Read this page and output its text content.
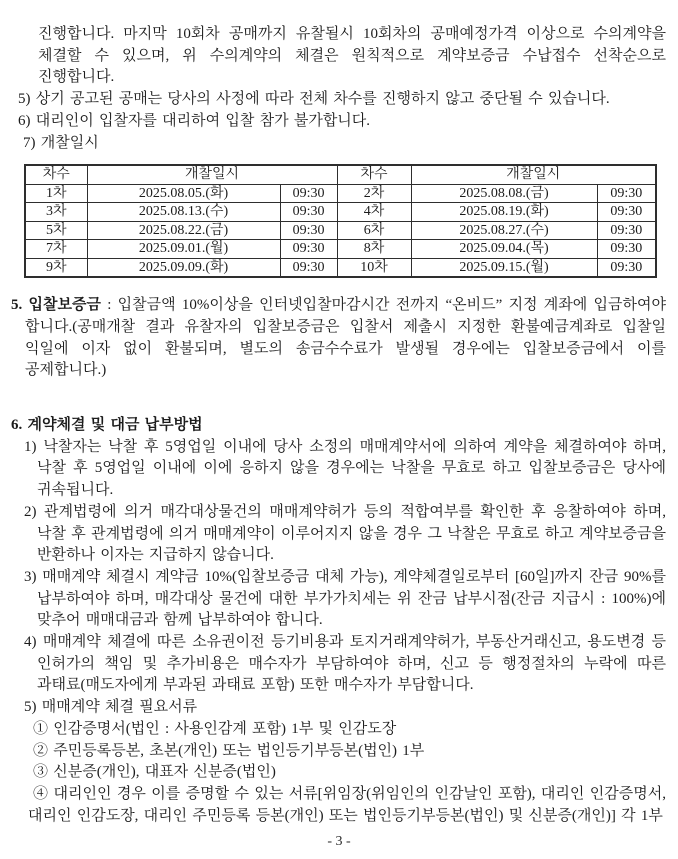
진행합니다. 마지막 10회차 공매까지 유찰될시 10회차의 공매예정가격 이상으로 수의계약을 체결할 수 있으며, 위 수의계약의 체결은 원칙적으로 계약보증금 수납접수 선착순으로 진행합니다.

5) 상기 공고된 공매는 당사의 사정에 따라 전체 차수를 진행하지 않고 중단될 수 있습니다.

6) 대리인이 입찰자를 대리하여 입찰 참가 불가합니다.

7) 개찰일시

차수	개찰일시		차수	개찰일시	
1차	2025.08.05.(화)	09:30	2차	2025.08.08.(금)	09:30
3차	2025.08.13.(수)	09:30	4차	2025.08.19.(화)	09:30
5차	2025.08.22.(금)	09:30	6차	2025.08.27.(수)	09:30
7차	2025.09.01.(월)	09:30	8차	2025.09.04.(목)	09:30
9차	2025.09.09.(화)	09:30	10차	2025.09.15.(월)	09:30

5. 입찰보증금 : 입찰금액 10%이상을 인터넷입찰마감시간 전까지 “온비드” 지정 계좌에 입금하여야 합니다.(공매개찰 결과 유찰자의 입찰보증금은 입찰서 제출시 지정한 환불예금계좌로 입찰일 익일에 이자 없이 환불되며, 별도의 송금수수료가 발생될 경우에는 입찰보증금에서 이를 공제합니다.)

6. 계약체결 및 대금 납부방법

1) 낙찰자는 낙찰 후 5영업일 이내에 당사 소정의 매매계약서에 의하여 계약을 체결하여야 하며, 낙찰 후 5영업일 이내에 이에 응하지 않을 경우에는 낙찰을 무효로 하고 입찰보증금은 당사에 귀속됩니다.

2) 관계법령에 의거 매각대상물건의 매매계약허가 등의 적합여부를 확인한 후 응찰하여야 하며, 낙찰 후 관계법령에 의거 매매계약이 이루어지지 않을 경우 그 낙찰은 무효로 하고 계약보증금을 반환하나 이자는 지급하지 않습니다.

3) 매매계약 체결시 계약금 10%(입찰보증금 대체 가능), 계약체결일로부터 [60일]까지 잔금 90%를 납부하여야 하며, 매각대상 물건에 대한 부가가치세는 위 잔금 납부시점(잔금 지급시 : 100%)에 맞추어 매매대금과 함께 납부하여야 합니다.

4) 매매계약 체결에 따른 소유권이전 등기비용과 토지거래계약허가, 부동산거래신고, 용도변경 등 인허가의 책임 및 추가비용은 매수자가 부담하여야 하며, 신고 등 행정절차의 누락에 따른 과태료(매도자에게 부과된 과태료 포함) 또한 매수자가 부담합니다.

5) 매매계약 체결 필요서류

① 인감증명서(법인 : 사용인감계 포함) 1부 및 인감도장

② 주민등록등본, 초본(개인) 또는 법인등기부등본(법인) 1부

③ 신분증(개인), 대표자 신분증(법인)

④ 대리인인 경우 이를 증명할 수 있는 서류[위임장(위임인의 인감날인 포함), 대리인 인감증명서, 대리인 인감도장, 대리인 주민등록 등본(개인) 또는 법인등기부등본(법인) 및 신분증(개인)] 각 1부

- 3 -
